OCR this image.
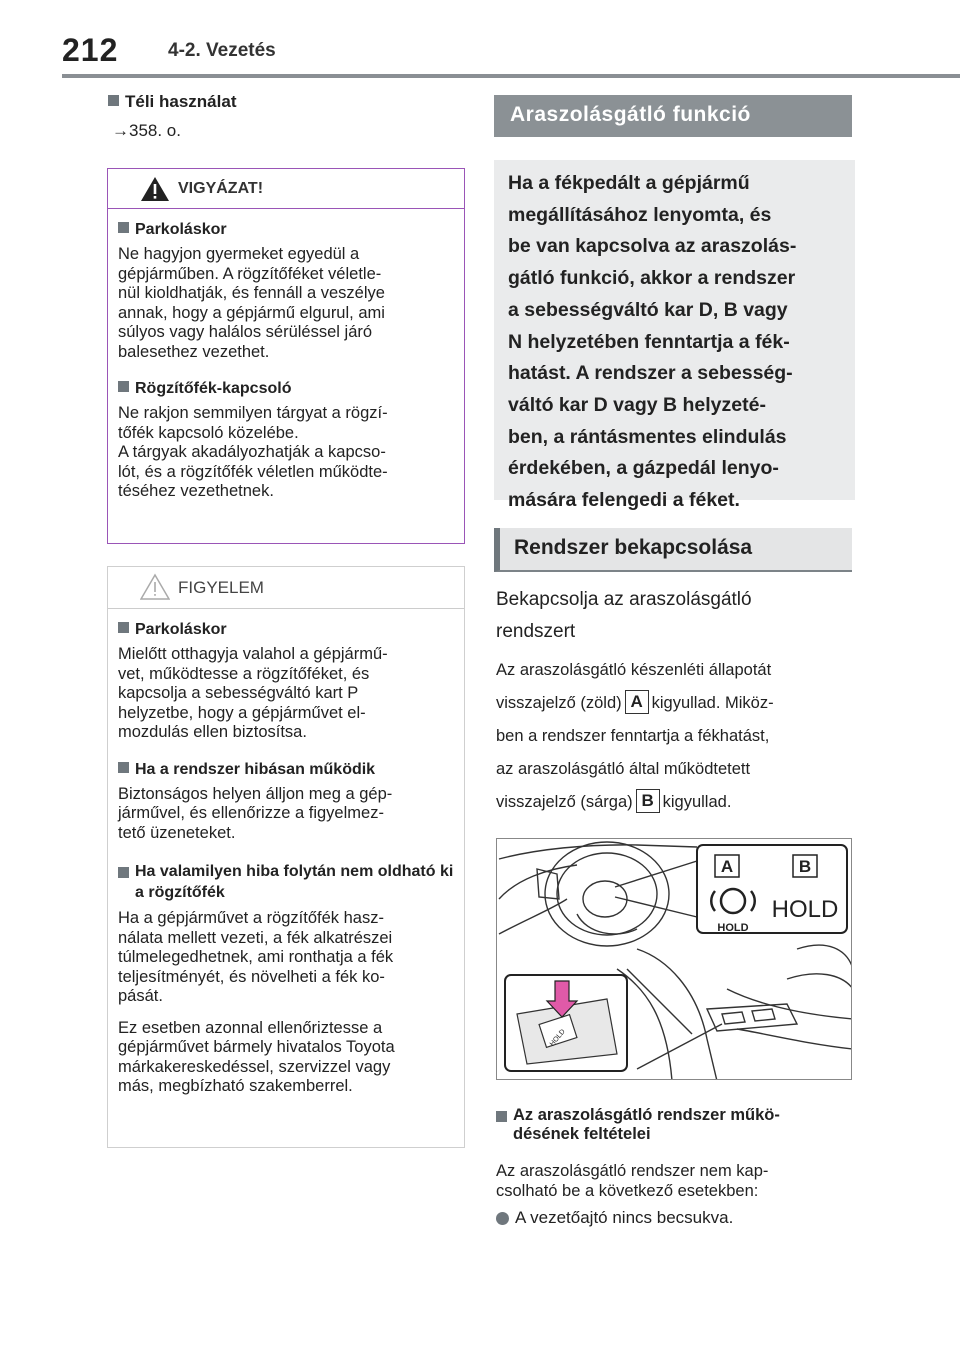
212	4-2. Vezetés
Téli használat
→358. o.
VIGYÁZAT!
Parkoláskor
Ne hagyjon gyermeket egyedül a
gépjárműben. A rögzítőféket véletle-
nül kioldhatják, és fennáll a veszélye
annak, hogy a gépjármű elgurul, ami
súlyos vagy halálos sérüléssel járó
balesethez vezethet.
Rögzítőfék-kapcsoló
Ne rakjon semmilyen tárgyat a rögzí-
tőfék kapcsoló közelébe.
A tárgyak akadályozhatják a kapcso-
lót, és a rögzítőfék véletlen működte-
téséhez vezethetnek.
FIGYELEM
Parkoláskor
Mielőtt otthagyja valahol a gépjármű-
vet, működtesse a rögzítőféket, és
kapcsolja a sebességváltó kart P
helyzetbe, hogy a gépjárművet el-
mozdulás ellen biztosítsa.
Ha a rendszer hibásan működik
Biztonságos helyen álljon meg a gép-
járművel, és ellenőrizze a figyelmez-
tető üzeneteket.
Ha valamilyen hiba folytán nem oldható ki a rögzítőfék
Ha a gépjárművet a rögzítőfék hasz-
nálata mellett vezeti, a fék alkatrészei
túlmelegedhetnek, ami ronthatja a fék
teljesítményét, és növelheti a fék ko-
pását.
Ez esetben azonnal ellenőriztesse a
gépjárművet bármely hivatalos Toyota
márkakereskedéssel, szervizzel vagy
más, megbízható szakemberrel.
Araszolásgátló funkció
Ha a fékpedált a gépjármű
megállításához lenyomta, és
be van kapcsolva az araszolás-
gátló funkció, akkor a rendszer
a sebességváltó kar D, B vagy
N helyzetében fenntartja a fék-
hatást. A rendszer a sebesség-
váltó kar D vagy B helyzeté-
ben, a rántásmentes elindulás
érdekében, a gázpedál lenyo-
mására felengedi a féket.
Rendszer bekapcsolása
Bekapcsolja az araszolásgátló
rendszert
Az araszolásgátló készenléti állapotát
visszajelző (zöld) A kigyullad. Miköz-
ben a rendszer fenntartja a fékhatást,
az araszolásgátló által működtetett
visszajelző (sárga) B kigyullad.
A	B
HOLD
HOLD
HOLD
Az araszolásgátló rendszer műkö-
désének feltételei
Az araszolásgátló rendszer nem kap-
csolható be a következő esetekben:
A vezetőajtó nincs becsukva.
